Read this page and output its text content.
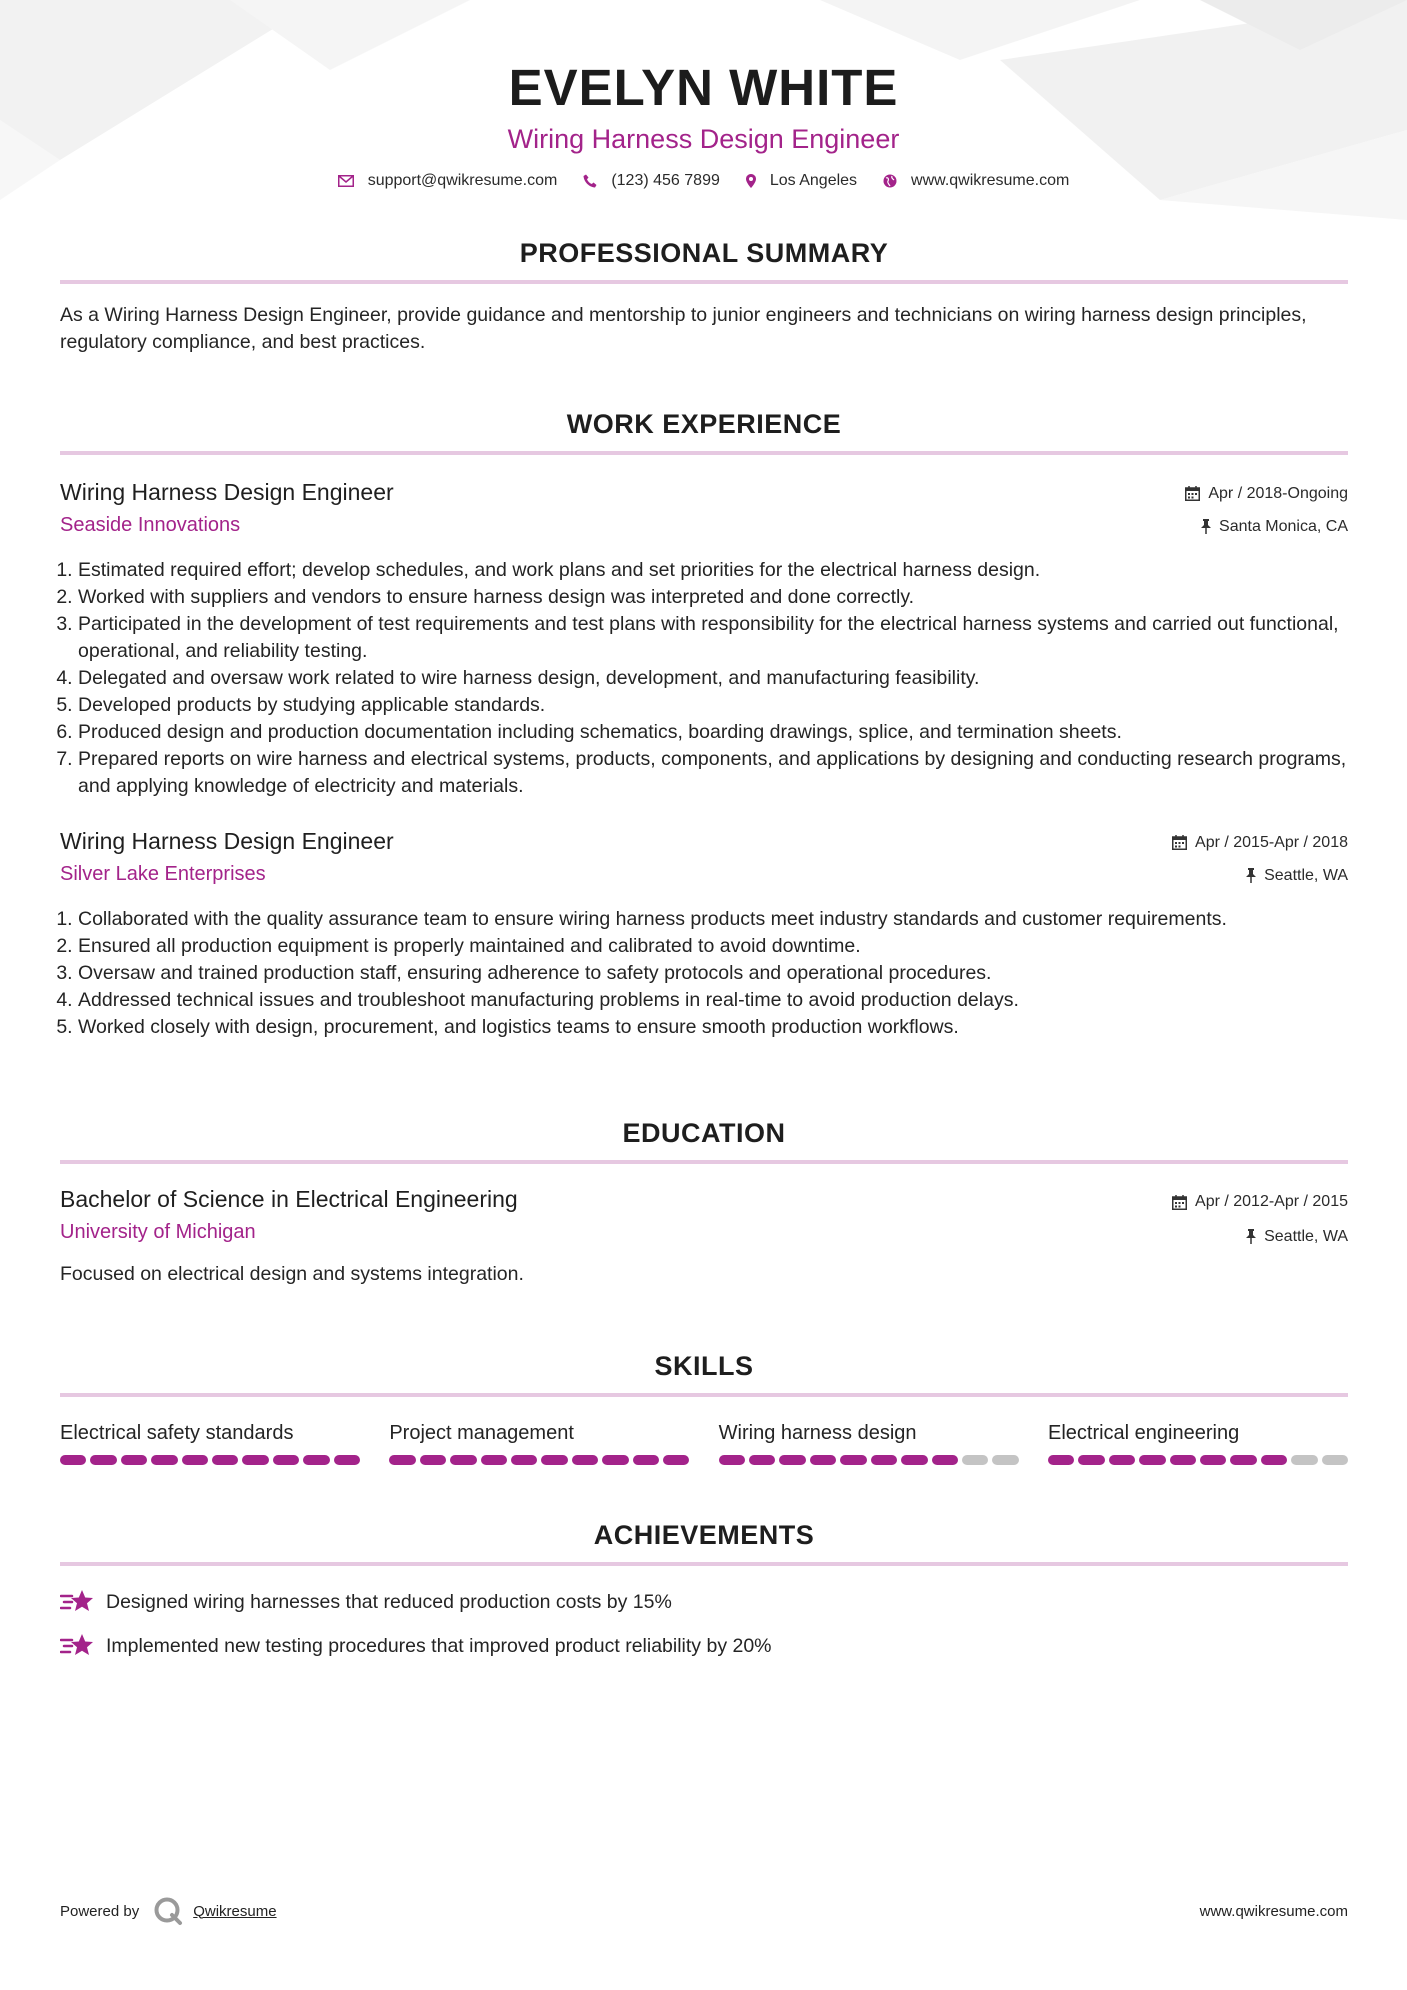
EVELYN WHITE
Wiring Harness Design Engineer
support@qwikresume.com	(123) 456 7899	Los Angeles	www.qwikresume.com
PROFESSIONAL SUMMARY
As a Wiring Harness Design Engineer, provide guidance and mentorship to junior engineers and technicians on wiring harness design principles, regulatory compliance, and best practices.
WORK EXPERIENCE
Wiring Harness Design Engineer
Seaside Innovations
Apr / 2018-Ongoing
Santa Monica, CA
1. Estimated required effort; develop schedules, and work plans and set priorities for the electrical harness design.
2. Worked with suppliers and vendors to ensure harness design was interpreted and done correctly.
3. Participated in the development of test requirements and test plans with responsibility for the electrical harness systems and carried out functional, operational, and reliability testing.
4. Delegated and oversaw work related to wire harness design, development, and manufacturing feasibility.
5. Developed products by studying applicable standards.
6. Produced design and production documentation including schematics, boarding drawings, splice, and termination sheets.
7. Prepared reports on wire harness and electrical systems, products, components, and applications by designing and conducting research programs, and applying knowledge of electricity and materials.
Wiring Harness Design Engineer
Silver Lake Enterprises
Apr / 2015-Apr / 2018
Seattle, WA
1. Collaborated with the quality assurance team to ensure wiring harness products meet industry standards and customer requirements.
2. Ensured all production equipment is properly maintained and calibrated to avoid downtime.
3. Oversaw and trained production staff, ensuring adherence to safety protocols and operational procedures.
4. Addressed technical issues and troubleshoot manufacturing problems in real-time to avoid production delays.
5. Worked closely with design, procurement, and logistics teams to ensure smooth production workflows.
EDUCATION
Bachelor of Science in Electrical Engineering
University of Michigan
Apr / 2012-Apr / 2015
Seattle, WA
Focused on electrical design and systems integration.
SKILLS
Electrical safety standards	Project management	Wiring harness design	Electrical engineering
ACHIEVEMENTS
Designed wiring harnesses that reduced production costs by 15%
Implemented new testing procedures that improved product reliability by 20%
Powered by	Qwikresume	www.qwikresume.com
